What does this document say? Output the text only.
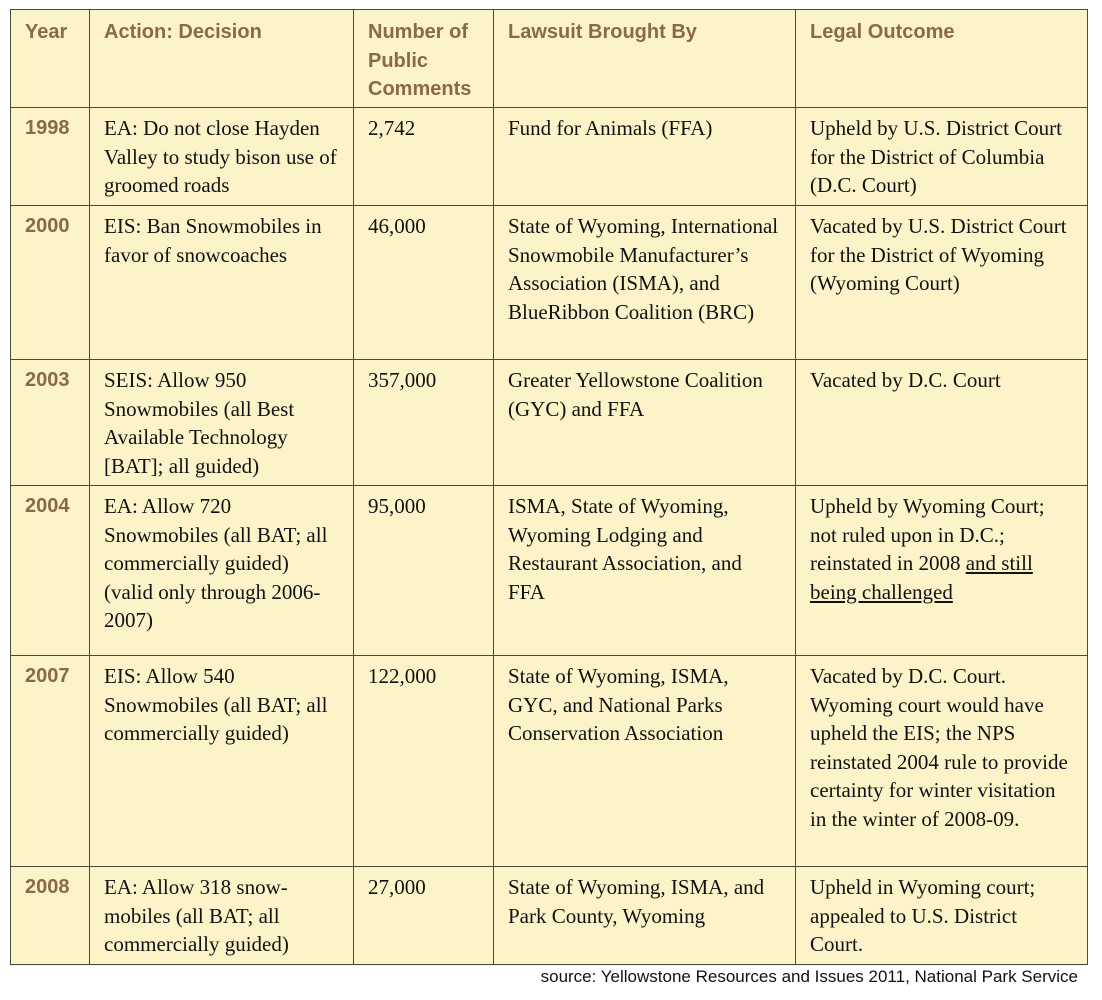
Year	Action: Decision	Number of Public Comments	Lawsuit Brought By	Legal Outcome
1998	EA: Do not close Hayden Valley to study bison use of groomed roads	2,742	Fund for Animals (FFA)	Upheld by U.S. District Court for the District of Columbia (D.C. Court)
2000	EIS: Ban Snowmobiles in favor of snowcoaches	46,000	State of Wyoming, International Snowmobile Manufacturer’s Association (ISMA), and BlueRibbon Coalition (BRC)	Vacated by U.S. District Court for the District of Wyoming (Wyoming Court)
2003	SEIS: Allow 950 Snowmobiles (all Best Available Technology [BAT]; all guided)	357,000	Greater Yellowstone Coalition (GYC) and FFA	Vacated by D.C. Court
2004	EA: Allow 720 Snowmobiles (all BAT; all commercially guided) (valid only through 2006-2007)	95,000	ISMA, State of Wyoming, Wyoming Lodging and Restaurant Association, and FFA	Upheld by Wyoming Court; not ruled upon in D.C.; reinstated in 2008 and still being challenged
2007	EIS: Allow 540 Snowmobiles (all BAT; all commercially guided)	122,000	State of Wyoming, ISMA, GYC, and National Parks Conservation Association	Vacated by D.C. Court. Wyoming court would have upheld the EIS; the NPS reinstated 2004 rule to provide certainty for winter visitation in the winter of 2008-09.
2008	EA: Allow 318 snow-mobiles (all BAT; all commercially guided)	27,000	State of Wyoming, ISMA, and Park County, Wyoming	Upheld in Wyoming court; appealed to U.S. District Court.
source: Yellowstone Resources and Issues 2011, National Park Service
